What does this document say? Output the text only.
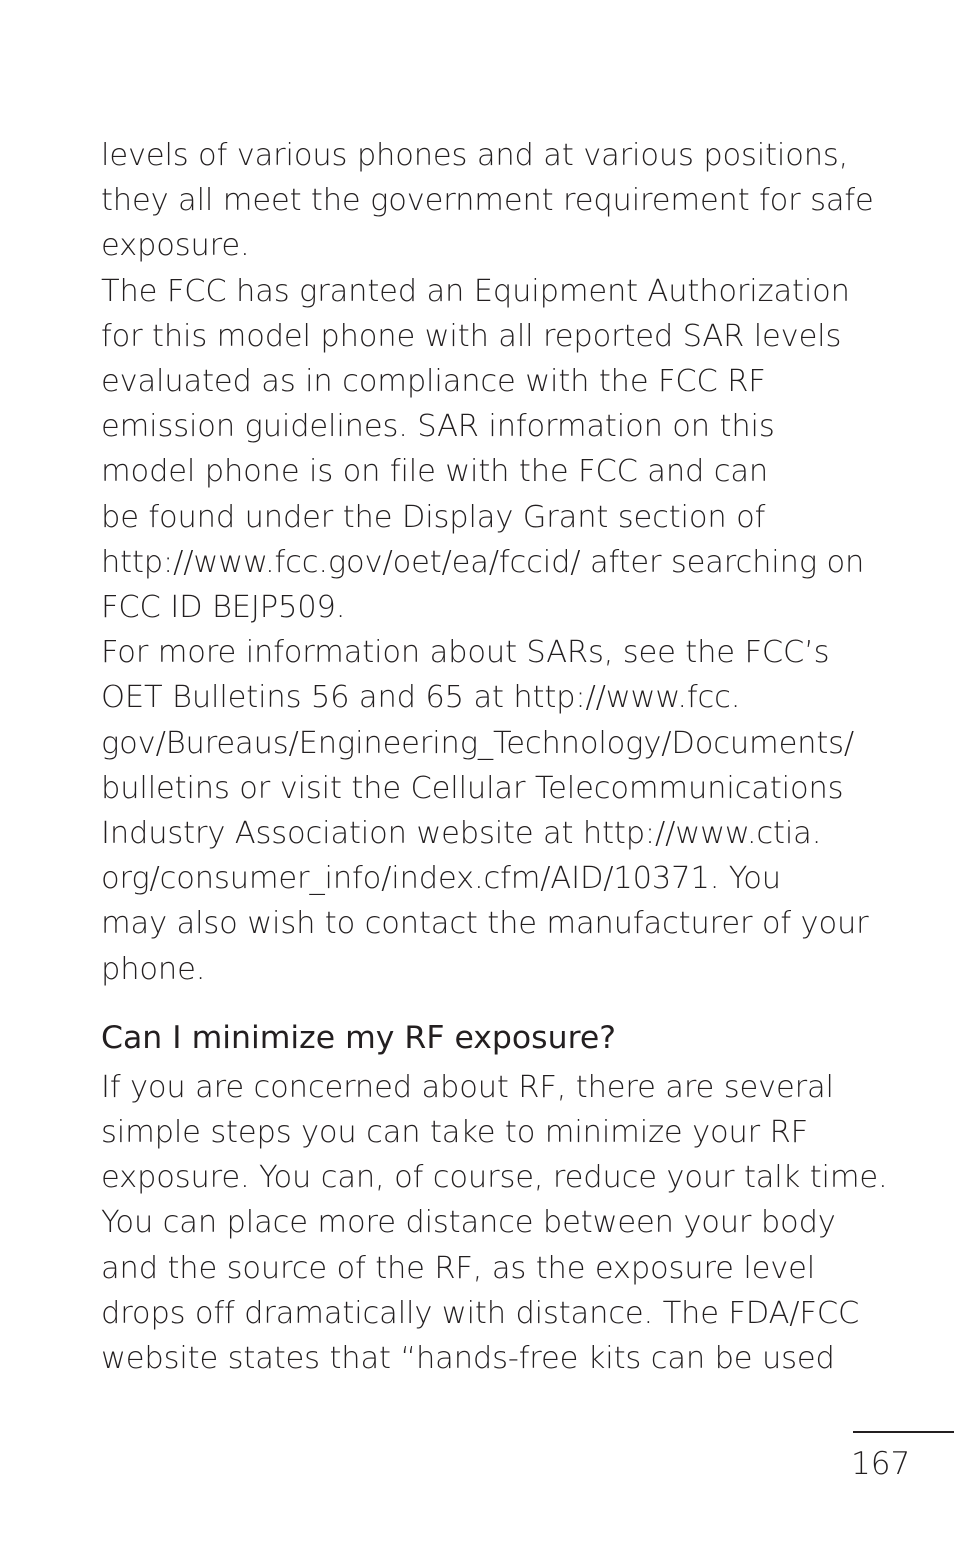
levels of various phones and at various positions,
they all meet the government requirement for safe
exposure.
The FCC has granted an Equipment Authorization
for this model phone with all reported SAR levels
evaluated as in compliance with the FCC RF
emission guidelines. SAR information on this
model phone is on file with the FCC and can
be found under the Display Grant section of
http://www.fcc.gov/oet/ea/fccid/ after searching on
FCC ID BEJP509.
For more information about SARs, see the FCC’s
OET Bulletins 56 and 65 at http://www.fcc.
gov/Bureaus/Engineering_Technology/Documents/
bulletins or visit the Cellular Telecommunications
Industry Association website at http://www.ctia.
org/consumer_info/index.cfm/AID/10371. You
may also wish to contact the manufacturer of your
phone.
Can I minimize my RF exposure?
If you are concerned about RF, there are several
simple steps you can take to minimize your RF
exposure. You can, of course, reduce your talk time.
You can place more distance between your body
and the source of the RF, as the exposure level
drops off dramatically with distance. The FDA/FCC
website states that “hands-free kits can be used
167
